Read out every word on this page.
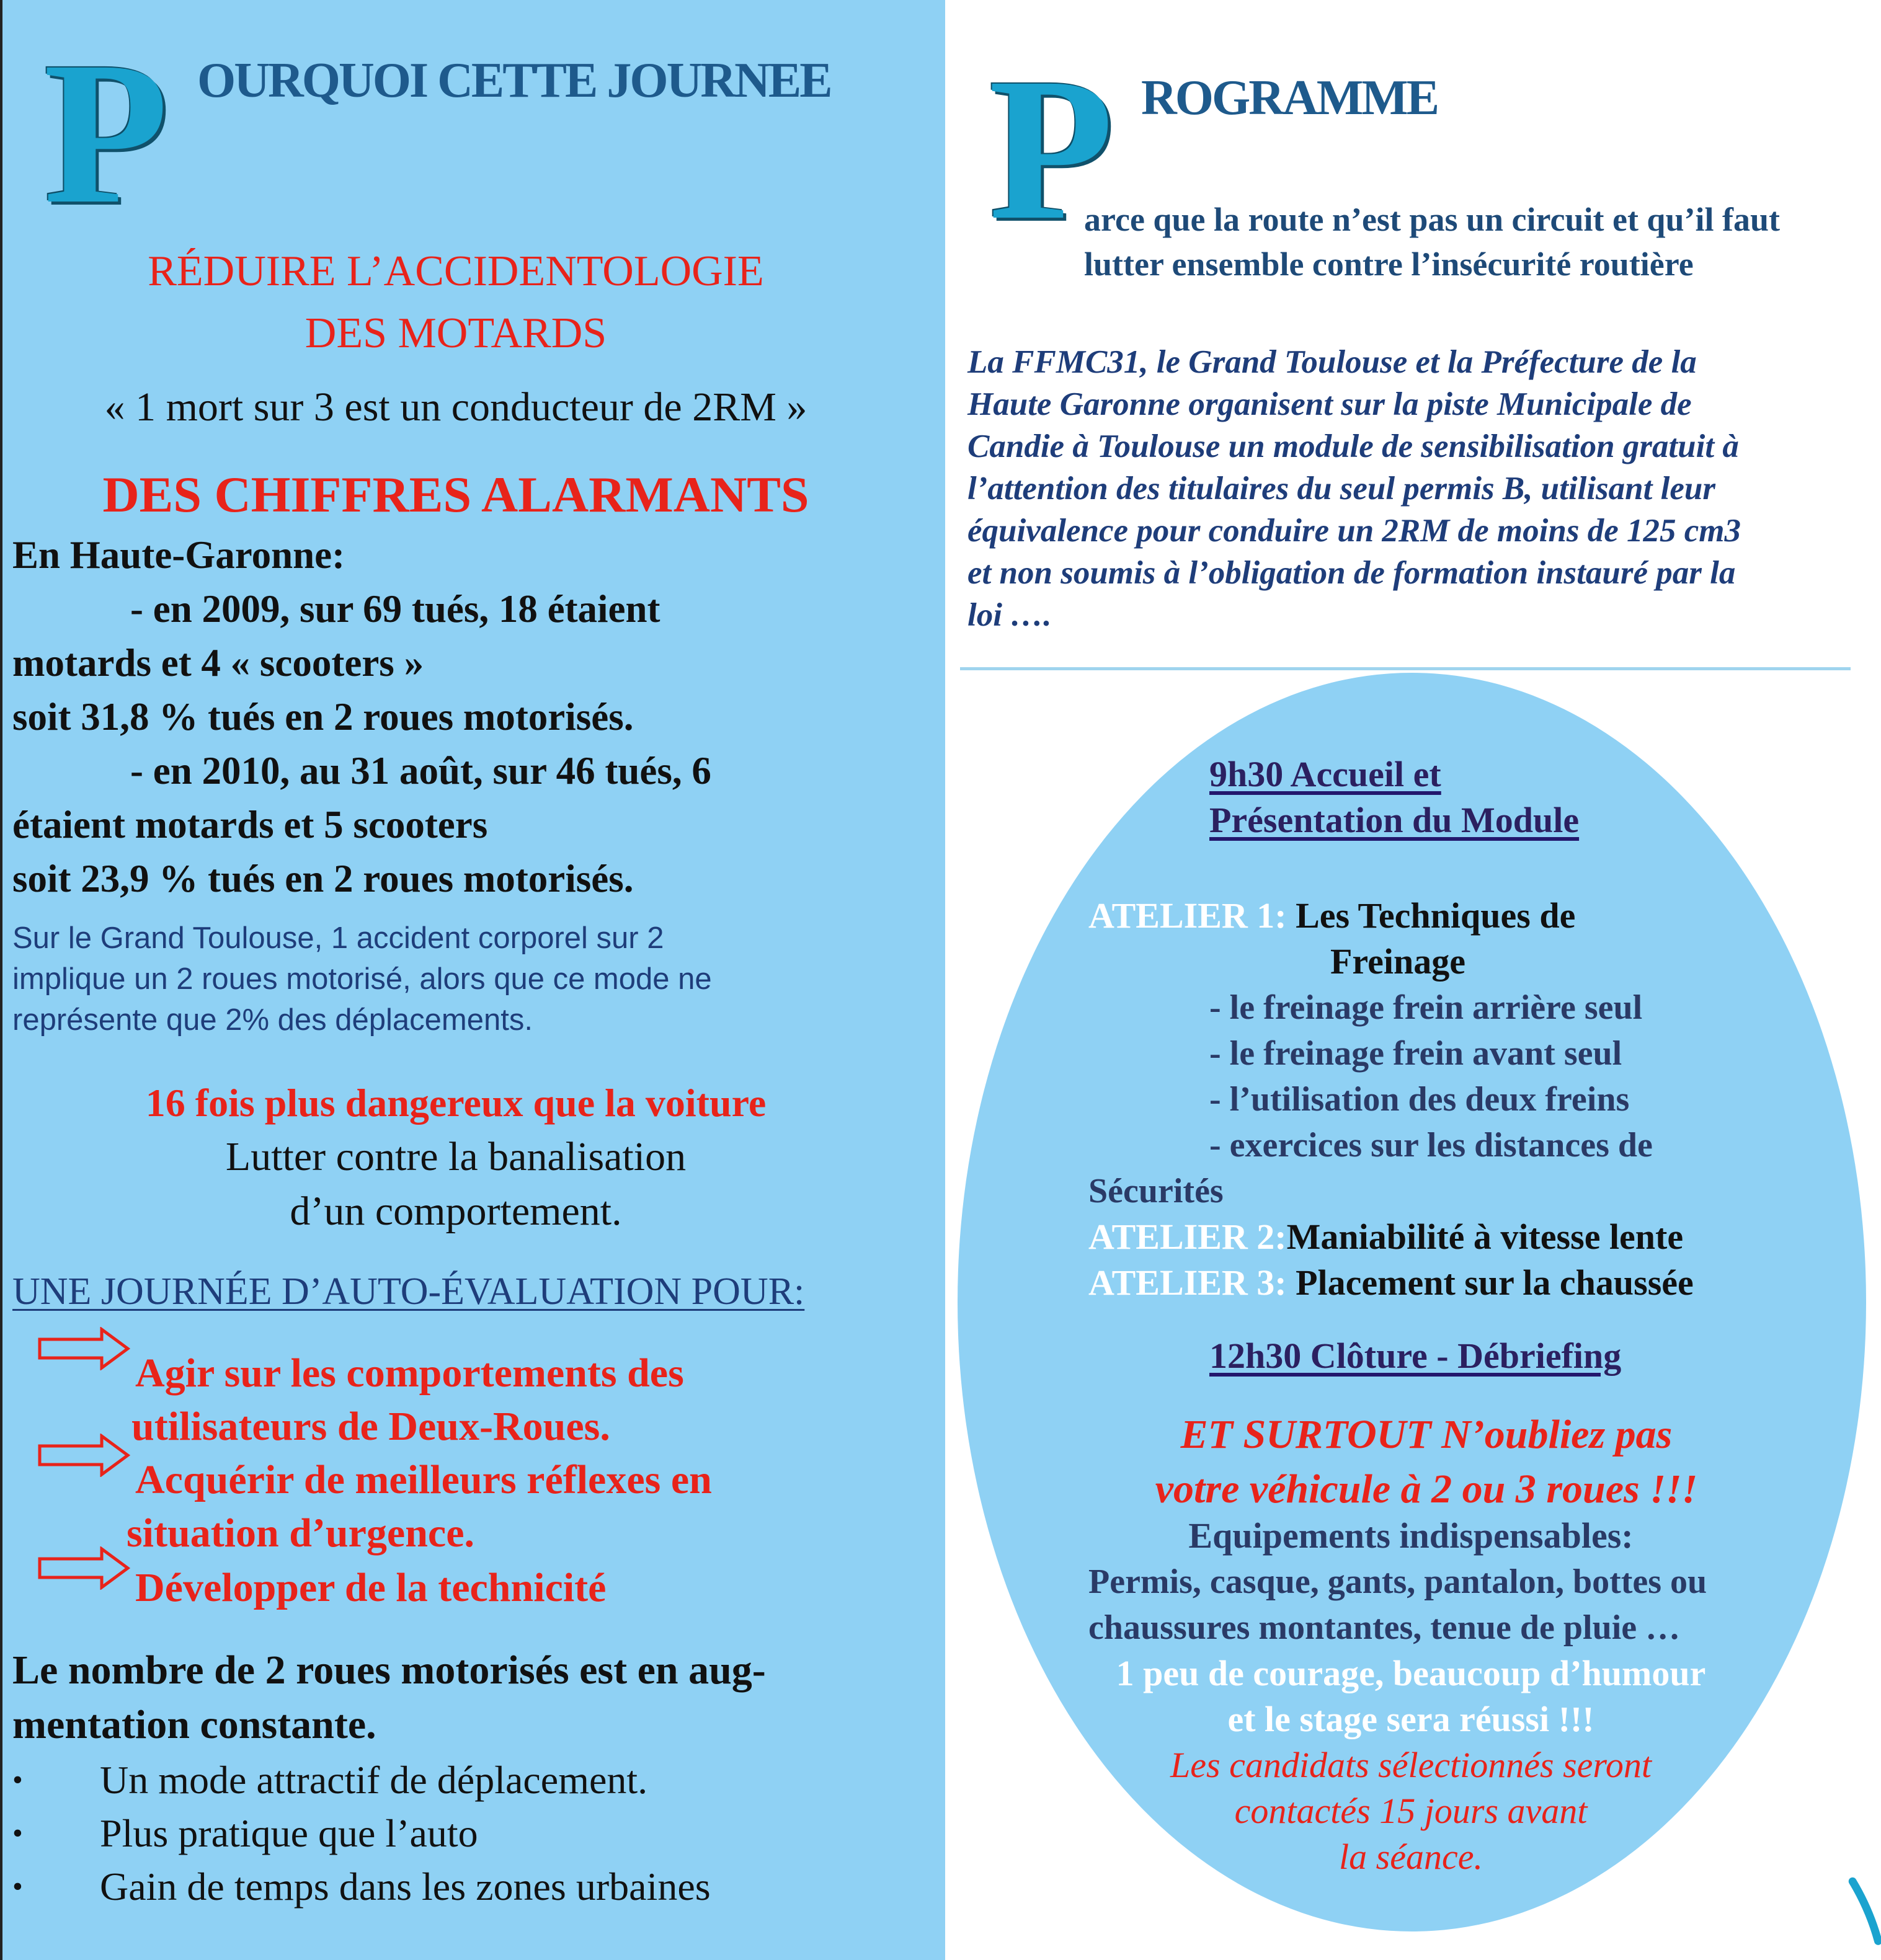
P OURQUOI CETTE JOURNEE
RÉDUIRE L’ACCIDENTOLOGIE
DES MOTARDS
« 1 mort sur 3 est un conducteur de 2RM »
DES CHIFFRES ALARMANTS
En Haute-Garonne:
- en 2009, sur 69 tués, 18 étaient
motards et 4 « scooters »
soit 31,8 % tués en 2 roues motorisés.
- en 2010, au 31 août, sur 46 tués, 6
étaient motards et 5 scooters
soit 23,9 % tués en 2 roues motorisés.
Sur le Grand Toulouse, 1 accident corporel sur 2
implique un 2 roues motorisé, alors que ce mode ne
représente que 2% des déplacements.
16 fois plus dangereux que la voiture
Lutter contre la banalisation
d’un comportement.
UNE JOURNÉE D’AUTO-ÉVALUATION POUR:
Agir sur les comportements des
utilisateurs de Deux-Roues.
Acquérir de meilleurs réflexes en
situation d’urgence.
Développer de la technicité
Le nombre de 2 roues motorisés est en aug-
mentation constante.
• Un mode attractif de déplacement.
• Plus pratique que l’auto
• Gain de temps dans les zones urbaines
P ROGRAMME
arce que la route n’est pas un circuit et qu’il faut
lutter ensemble contre l’insécurité routière
La FFMC31, le Grand Toulouse et la Préfecture de la
Haute Garonne organisent sur la piste Municipale de
Candie à Toulouse un module de sensibilisation gratuit à
l’attention des titulaires du seul permis B, utilisant leur
équivalence pour conduire un 2RM de moins de 125 cm3
et non soumis à l’obligation de formation instauré par la
loi ….
9h30 Accueil et
Présentation du Module
ATELIER 1: Les Techniques de
Freinage
- le freinage frein arrière seul
- le freinage frein avant seul
- l’utilisation des deux freins
- exercices sur les distances de
Sécurités
ATELIER 2:Maniabilité à vitesse lente
ATELIER 3: Placement sur la chaussée
12h30 Clôture - Débriefing
ET SURTOUT N’oubliez pas
votre véhicule à 2 ou 3 roues !!!
Equipements indispensables:
Permis, casque, gants, pantalon, bottes ou
chaussures montantes, tenue de pluie …
1 peu de courage, beaucoup d’humour
et le stage sera réussi !!!
Les candidats sélectionnés seront
contactés 15 jours avant
la séance.
